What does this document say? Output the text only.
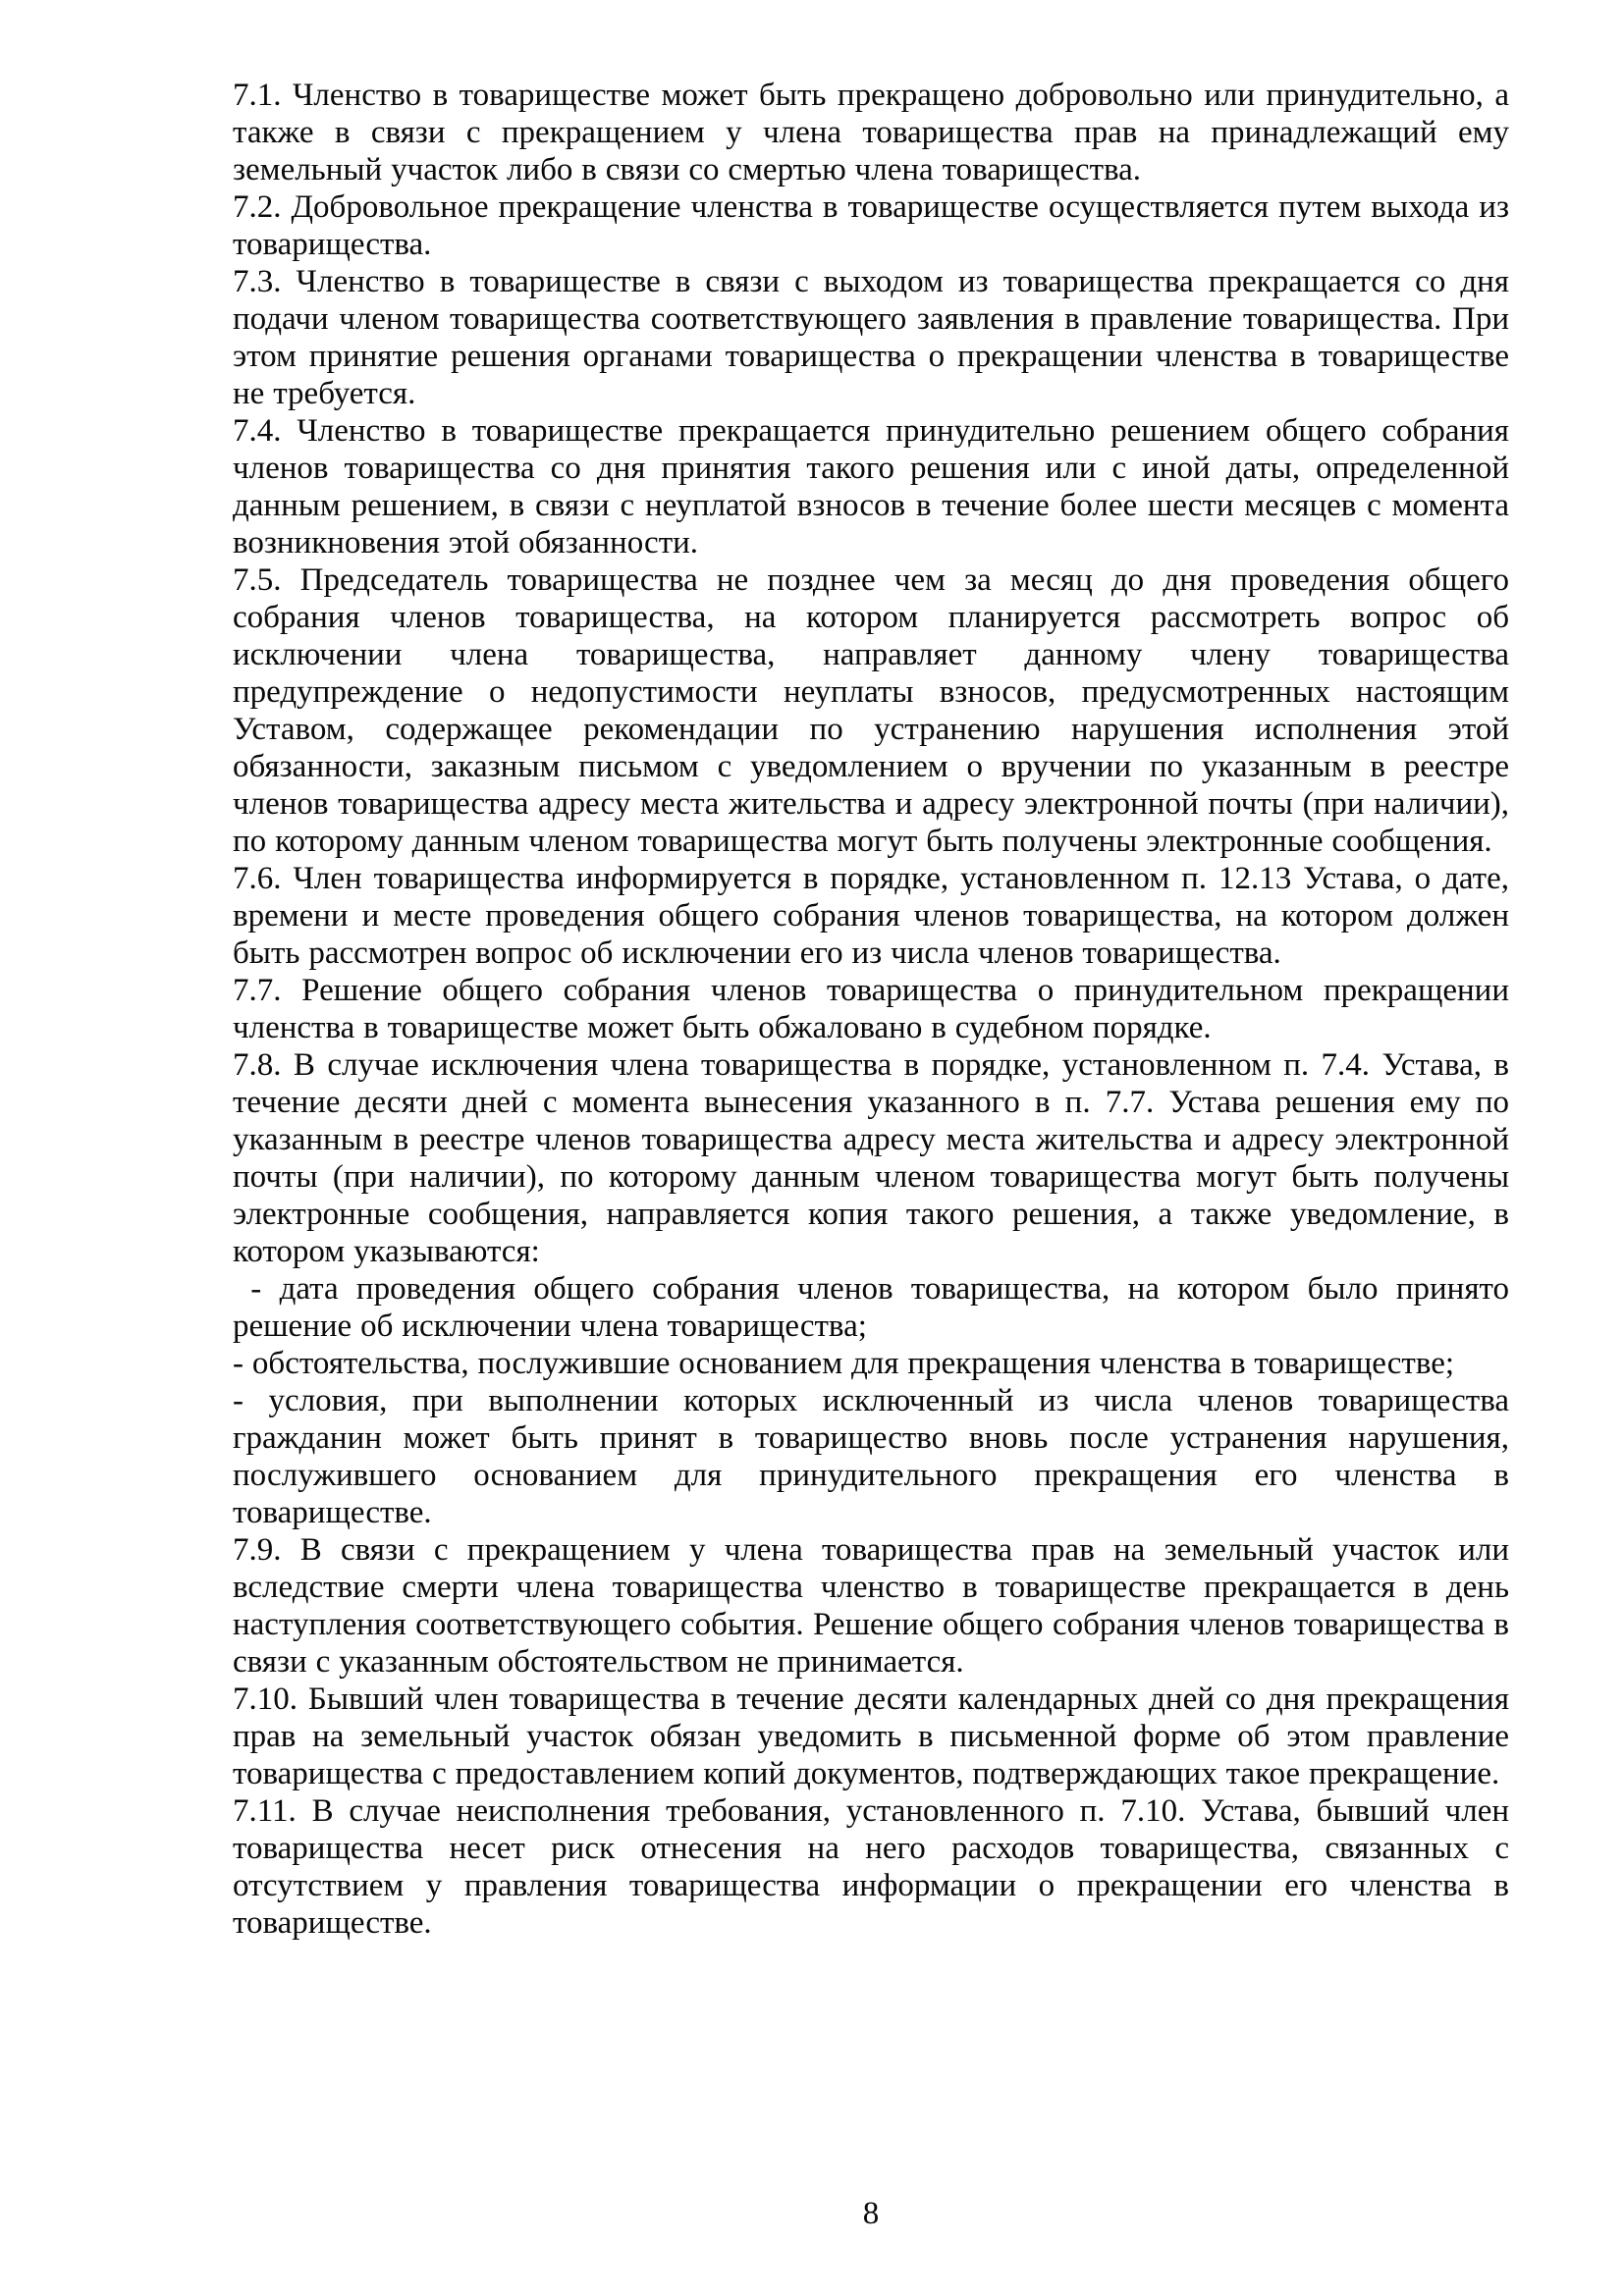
7.1. Членство в товариществе может быть прекращено добровольно или принудительно, а также в связи с прекращением у члена товарищества прав на принадлежащий ему земельный участок либо в связи со смертью члена товарищества.

7.2. Добровольное прекращение членства в товариществе осуществляется путем выхода из товарищества.

7.3. Членство в товариществе в связи с выходом из товарищества прекращается со дня подачи членом товарищества соответствующего заявления в правление товарищества. При этом принятие решения органами товарищества о прекращении членства в товариществе не требуется.

7.4. Членство в товариществе прекращается принудительно решением общего собрания членов товарищества со дня принятия такого решения или с иной даты, определенной данным решением, в связи с неуплатой взносов в течение более шести месяцев с момента возникновения этой обязанности.

7.5. Председатель товарищества не позднее чем за месяц до дня проведения общего собрания членов товарищества, на котором планируется рассмотреть вопрос об исключении члена товарищества, направляет данному члену товарищества предупреждение о недопустимости неуплаты взносов, предусмотренных настоящим Уставом, содержащее рекомендации по устранению нарушения исполнения этой обязанности, заказным письмом с уведомлением о вручении по указанным в реестре членов товарищества адресу места жительства и адресу электронной почты (при наличии), по которому данным членом товарищества могут быть получены электронные сообщения.

7.6. Член товарищества информируется в порядке, установленном п. 12.13 Устава, о дате, времени и месте проведения общего собрания членов товарищества, на котором должен быть рассмотрен вопрос об исключении его из числа членов товарищества.

7.7. Решение общего собрания членов товарищества о принудительном прекращении членства в товариществе может быть обжаловано в судебном порядке.

7.8. В случае исключения члена товарищества в порядке, установленном п. 7.4. Устава, в течение десяти дней с момента вынесения указанного в п. 7.7. Устава решения ему по указанным в реестре членов товарищества адресу места жительства и адресу электронной почты (при наличии), по которому данным членом товарищества могут быть получены электронные сообщения, направляется копия такого решения, а также уведомление, в котором указываются:

- дата проведения общего собрания членов товарищества, на котором было принято решение об исключении члена товарищества;

- обстоятельства, послужившие основанием для прекращения членства в товариществе;

- условия, при выполнении которых исключенный из числа членов товарищества гражданин может быть принят в товарищество вновь после устранения нарушения, послужившего основанием для принудительного прекращения его членства в товариществе.

7.9. В связи с прекращением у члена товарищества прав на земельный участок или вследствие смерти члена товарищества членство в товариществе прекращается в день наступления соответствующего события. Решение общего собрания членов товарищества в связи с указанным обстоятельством не принимается.

7.10. Бывший член товарищества в течение десяти календарных дней со дня прекращения прав на земельный участок обязан уведомить в письменной форме об этом правление товарищества с предоставлением копий документов, подтверждающих такое прекращение.

7.11. В случае неисполнения требования, установленного п. 7.10. Устава, бывший член товарищества несет риск отнесения на него расходов товарищества, связанных с отсутствием у правления товарищества информации о прекращении его членства в товариществе.

8
